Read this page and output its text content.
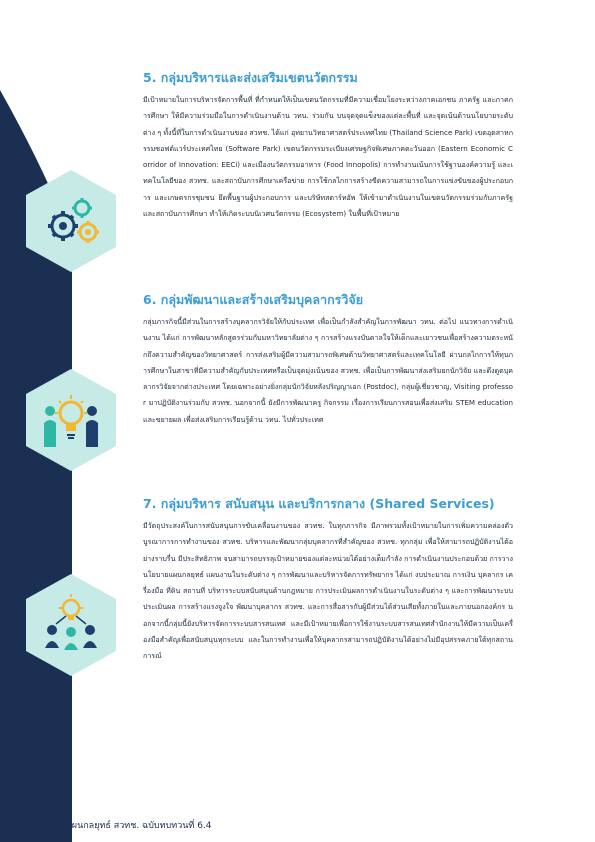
5. กลุ่มบริหารและส่งเสริมเขตนวัตกรรม

มีเป้าหมายในการบริหารจัดการพื้นที่ ที่กำหนดให้เป็นเขตนวัตกรรมที่มีความเชื่อมโยงระหว่างภาคเอกชน ภาครัฐ และภาคการศึกษา ให้มีความร่วมมือในการดำเนินงานด้าน วทน. ร่วมกัน บนจุดจุดแข็งของแต่ละพื้นที่ และจุดเน้นด้านนโยบายระดับต่าง ๆ ทั้งนี้ที่ในการดำเนินงานของ สวทช. ได้แก่ อุทยานวิทยาศาสตร์ประเทศไทย (Thailand Science Park) เขตอุตสาหกรรมซอฟต์แวร์ประเทศไทย (Software Park) เขตนวัตกรรมระเบียงเศรษฐกิจพิเศษภาคตะวันออก (Eastern Economic Corridor of Innovation: EECi) และเมืองนวัตกรรมอาหาร (Food Innopolis) การทำงานเน้นการใช้ฐานองค์ความรู้ และเทคโนโลยีของ สวทช. และสถาบันการศึกษาเครือข่าย การใช้กลไกการสร้างขีดความสามารถในการแข่งขันของผู้ประกอบการ และเกษตรกรชุมชน ยึดพื้นฐานผู้ประกอบการ และบริษัทสตาร์ทอัพ ให้เข้ามาดำเนินงานในเขตนวัตกรรมร่วมกับภาครัฐ และสถาบันการศึกษา ทำให้เกิดระบบนิเวศนวัตกรรม (Ecosystem) ในพื้นที่เป้าหมาย

6. กลุ่มพัฒนาและสร้างเสริมบุคลากรวิจัย

กลุ่มภารกิจนี้มีส่วนในการสร้างบุคลากรวิจัยให้กับประเทศ เพื่อเป็นกำลังสำคัญในการพัฒนา วทน. ต่อไป แนวทางการดำเนินงาน ได้แก่ การพัฒนาหลักสูตรร่วมกับมหาวิทยาลัยต่าง ๆ การสร้างแรงบันดาลใจให้เด็กและเยาวชนเพื่อสร้างความตระหนักถึงความสำคัญของวิทยาศาสตร์ การส่งเสริมผู้มีความสามารถพิเศษด้านวิทยาศาสตร์และเทคโนโลยี ผ่านกลไกการให้ทุนการศึกษาในสาขาที่มีความสำคัญกับประเทศหรือเป็นจุดมุ่งเน้นของ สวทช. เพื่อเป็นการพัฒนาส่งเสริมยกนักวิจัย และดึงดูดบุคลากรวิจัยจากต่างประเทศ โดยเฉพาะอย่างยิ่งกลุ่มนักวิจัยหลังปริญญาเอก (Postdoc), กลุ่มผู้เชี่ยวชาญ, Visiting professor มาปฏิบัติงานร่วมกับ สวทช. นอกจากนี้ ยังมีการพัฒนาครู กิจกรรม เรื่องการเรียนการสอนเพื่อส่งเสริม STEM education และขยายผล เพื่อส่งเสริมการเรียนรู้ด้าน วทน. ไปทั่วประเทศ

7. กลุ่มบริหาร สนับสนุน และบริการกลาง (Shared Services)

มีวัตถุประสงค์ในการสนับสนุนการขับเคลื่อนงานของ สวทช. ในทุกภารกิจ มีภาพรวมทั้งเป้าหมายในการเพิ่มความคล่องตัว บูรณาการการทำงานของ สวทช. บริหารและพัฒนากลุ่มบุคลากรที่สำคัญของ สวทช. ทุกกลุ่ม เพื่อให้สามารถปฏิบัติงานได้อย่างราบรื่น มีประสิทธิภาพ จนสามารถบรรลุเป้าหมายของแต่ละหน่วยได้อย่างเต็มกำลัง การดำเนินงานประกอบด้วย การวางนโยบายแผนกลยุทธ์ แผนงานในระดับต่าง ๆ การพัฒนาและบริหารจัดการทรัพยากร ได้แก่ งบประมาณ การเงิน บุคลากร เครื่องมือ ที่ดิน สถานที่ บริหารระบบสนับสนุนด้านกฎหมาย การประเมินผลการดำเนินงานในระดับต่าง ๆ และการพัฒนาระบบประเมินผล การสร้างแรงจูงใจ พัฒนาบุคลากร สวทช. และการสื่อสารกับผู้มีส่วนได้ส่วนเสียทั้งภายในและภายนอกองค์กร นอกจากนี้กลุ่มนี้ยังบริหารจัดการระบบสารสนเทศ และมีเป้าหมายเพื่อการใช้งานระบบสารสนเทศสำนักงานให้มีความเป็นเครื่องมือสำคัญเพื่อสนับสนุนทุกระบบ และในการทำงานเพื่อให้บุคลากรสามารถปฏิบัติงานได้อย่างไม่มีอุปสรรคภายใต้ทุกสถานการณ์

16 แผนกลยุทธ์ สวทช. ฉบับทบทวนที่ 6.4
